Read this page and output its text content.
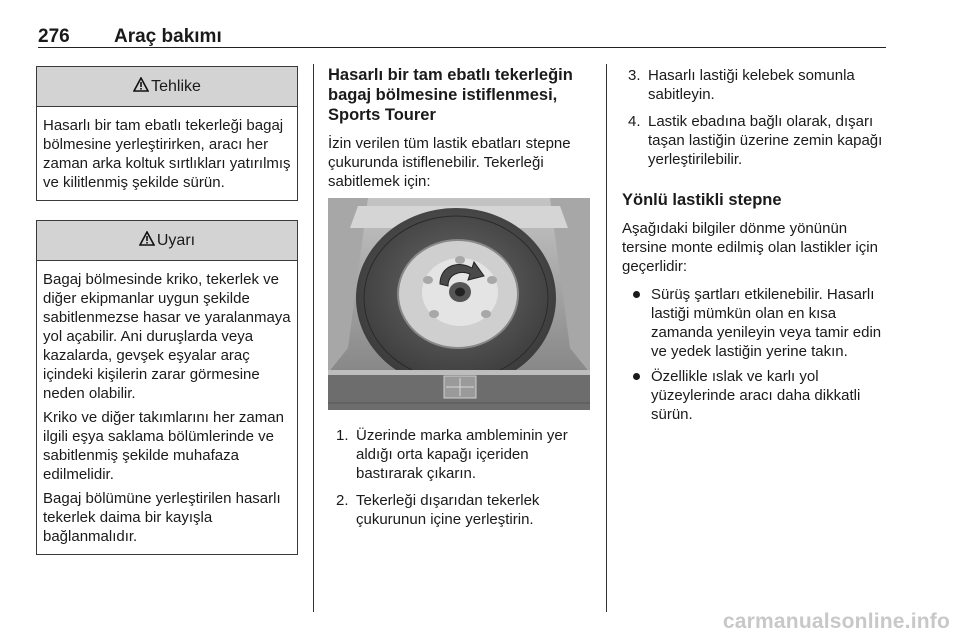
276 Araç bakımı
Tehlike

Hasarlı bir tam ebatlı tekerleği bagaj bölmesine yerleştirirken, aracı her zaman arka koltuk sırtlıkları yatırılmış ve kilitlenmiş şekilde sürün.

Uyarı

Bagaj bölmesinde kriko, tekerlek ve diğer ekipmanlar uygun şekilde sabitlenmezse hasar ve yaralanmaya yol açabilir. Ani duruşlarda veya kazalarda, gevşek eşyalar araç içindeki kişilerin zarar görmesine neden olabilir.

Kriko ve diğer takımlarını her zaman ilgili eşya saklama bölümlerinde ve sabitlenmiş şekilde muhafaza edilmelidir.

Bagaj bölümüne yerleştirilen hasarlı tekerlek daima bir kayışla bağlanmalıdır.

Hasarlı bir tam ebatlı tekerleğin bagaj bölmesine istiflenmesi, Sports Tourer

İzin verilen tüm lastik ebatları stepne çukurunda istiflenebilir. Tekerleği sabitlemek için:

1. Üzerinde marka ambleminin yer aldığı orta kapağı içeriden bastırarak çıkarın.
2. Tekerleği dışarıdan tekerlek çukurunun içine yerleştirin.
3. Hasarlı lastiği kelebek somunla sabitleyin.
4. Lastik ebadına bağlı olarak, dışarı taşan lastiğin üzerine zemin kapağı yerleştirilebilir.
Yönlü lastikli stepne

Aşağıdaki bilgiler dönme yönünün tersine monte edilmiş olan lastikler için geçerlidir:

Sürüş şartları etkilenebilir. Hasarlı lastiği mümkün olan en kısa zamanda yenileyin veya tamir edin ve yedek lastiğin yerine takın.
Özellikle ıslak ve karlı yol yüzeylerinde aracı daha dikkatli sürün.
carmanualsonline.info
